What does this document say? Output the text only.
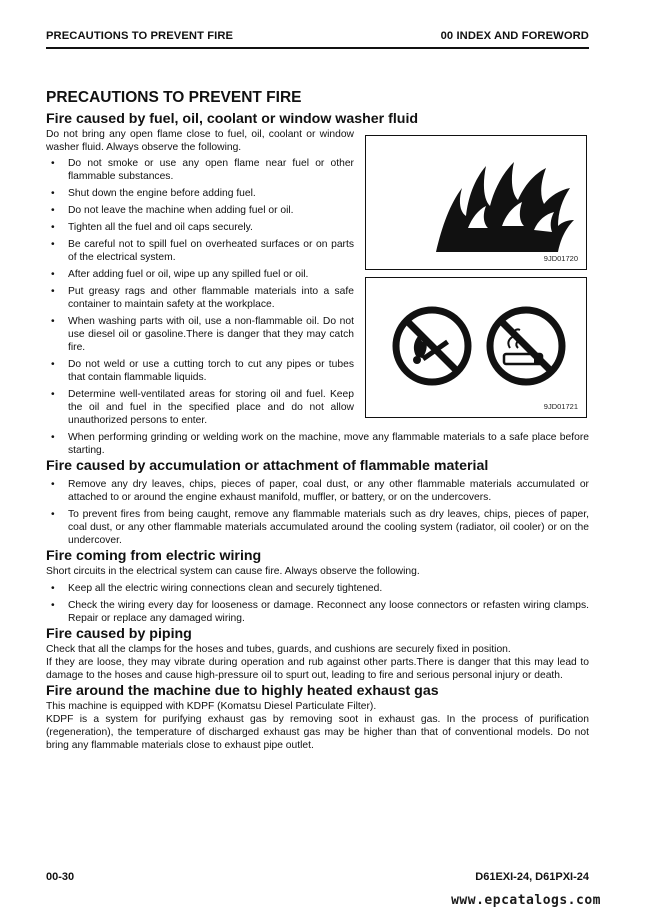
PRECAUTIONS TO PREVENT FIRE	00 INDEX AND FOREWORD
PRECAUTIONS TO PREVENT FIRE
9JD01720
9JD01721
Fire caused by fuel, oil, coolant or window washer fluid

Do not bring any open flame close to fuel, oil, coolant or window washer fluid. Always observe the following.

• Do not smoke or use any open flame near fuel or other flammable substances.
• Shut down the engine before adding fuel.
• Do not leave the machine when adding fuel or oil.
• Tighten all the fuel and oil caps securely.
• Be careful not to spill fuel on overheated surfaces or on parts of the electrical system.
• After adding fuel or oil, wipe up any spilled fuel or oil.
• Put greasy rags and other flammable materials into a safe container to maintain safety at the workplace.
• When washing parts with oil, use a non-flammable oil. Do not use diesel oil or gasoline.There is danger that they may catch fire.
• Do not weld or use a cutting torch to cut any pipes or tubes that contain flammable liquids.
• Determine well-ventilated areas for storing oil and fuel. Keep the oil and fuel in the specified place and do not allow unauthorized persons to enter.
• When performing grinding or welding work on the machine, move any flammable materials to a safe place before starting.
Fire caused by accumulation or attachment of flammable material
• Remove any dry leaves, chips, pieces of paper, coal dust, or any other flammable materials accumulated or attached to or around the engine exhaust manifold, muffler, or battery, or on the undercovers.
• To prevent fires from being caught, remove any flammable materials such as dry leaves, chips, pieces of paper, coal dust, or any other flammable materials accumulated around the cooling system (radiator, oil cooler) or on the undercover.
Fire coming from electric wiring

Short circuits in the electrical system can cause fire. Always observe the following.

• Keep all the electric wiring connections clean and securely tightened.
• Check the wiring every day for looseness or damage. Reconnect any loose connectors or refasten wiring clamps. Repair or replace any damaged wiring.
Fire caused by piping

Check that all the clamps for the hoses and tubes, guards, and cushions are securely fixed in position.

If they are loose, they may vibrate during operation and rub against other parts.There is danger that this may lead to damage to the hoses and cause high-pressure oil to spurt out, leading to fire and serious personal injury or death.

Fire around the machine due to highly heated exhaust gas

This machine is equipped with KDPF (Komatsu Diesel Particulate Filter).

KDPF is a system for purifying exhaust gas by removing soot in exhaust gas. In the process of purification (regeneration), the temperature of discharged exhaust gas may be higher than that of conventional models. Do not bring any flammable materials close to exhaust pipe outlet.

00-30	D61EXI-24, D61PXI-24
www.epcatalogs.com
